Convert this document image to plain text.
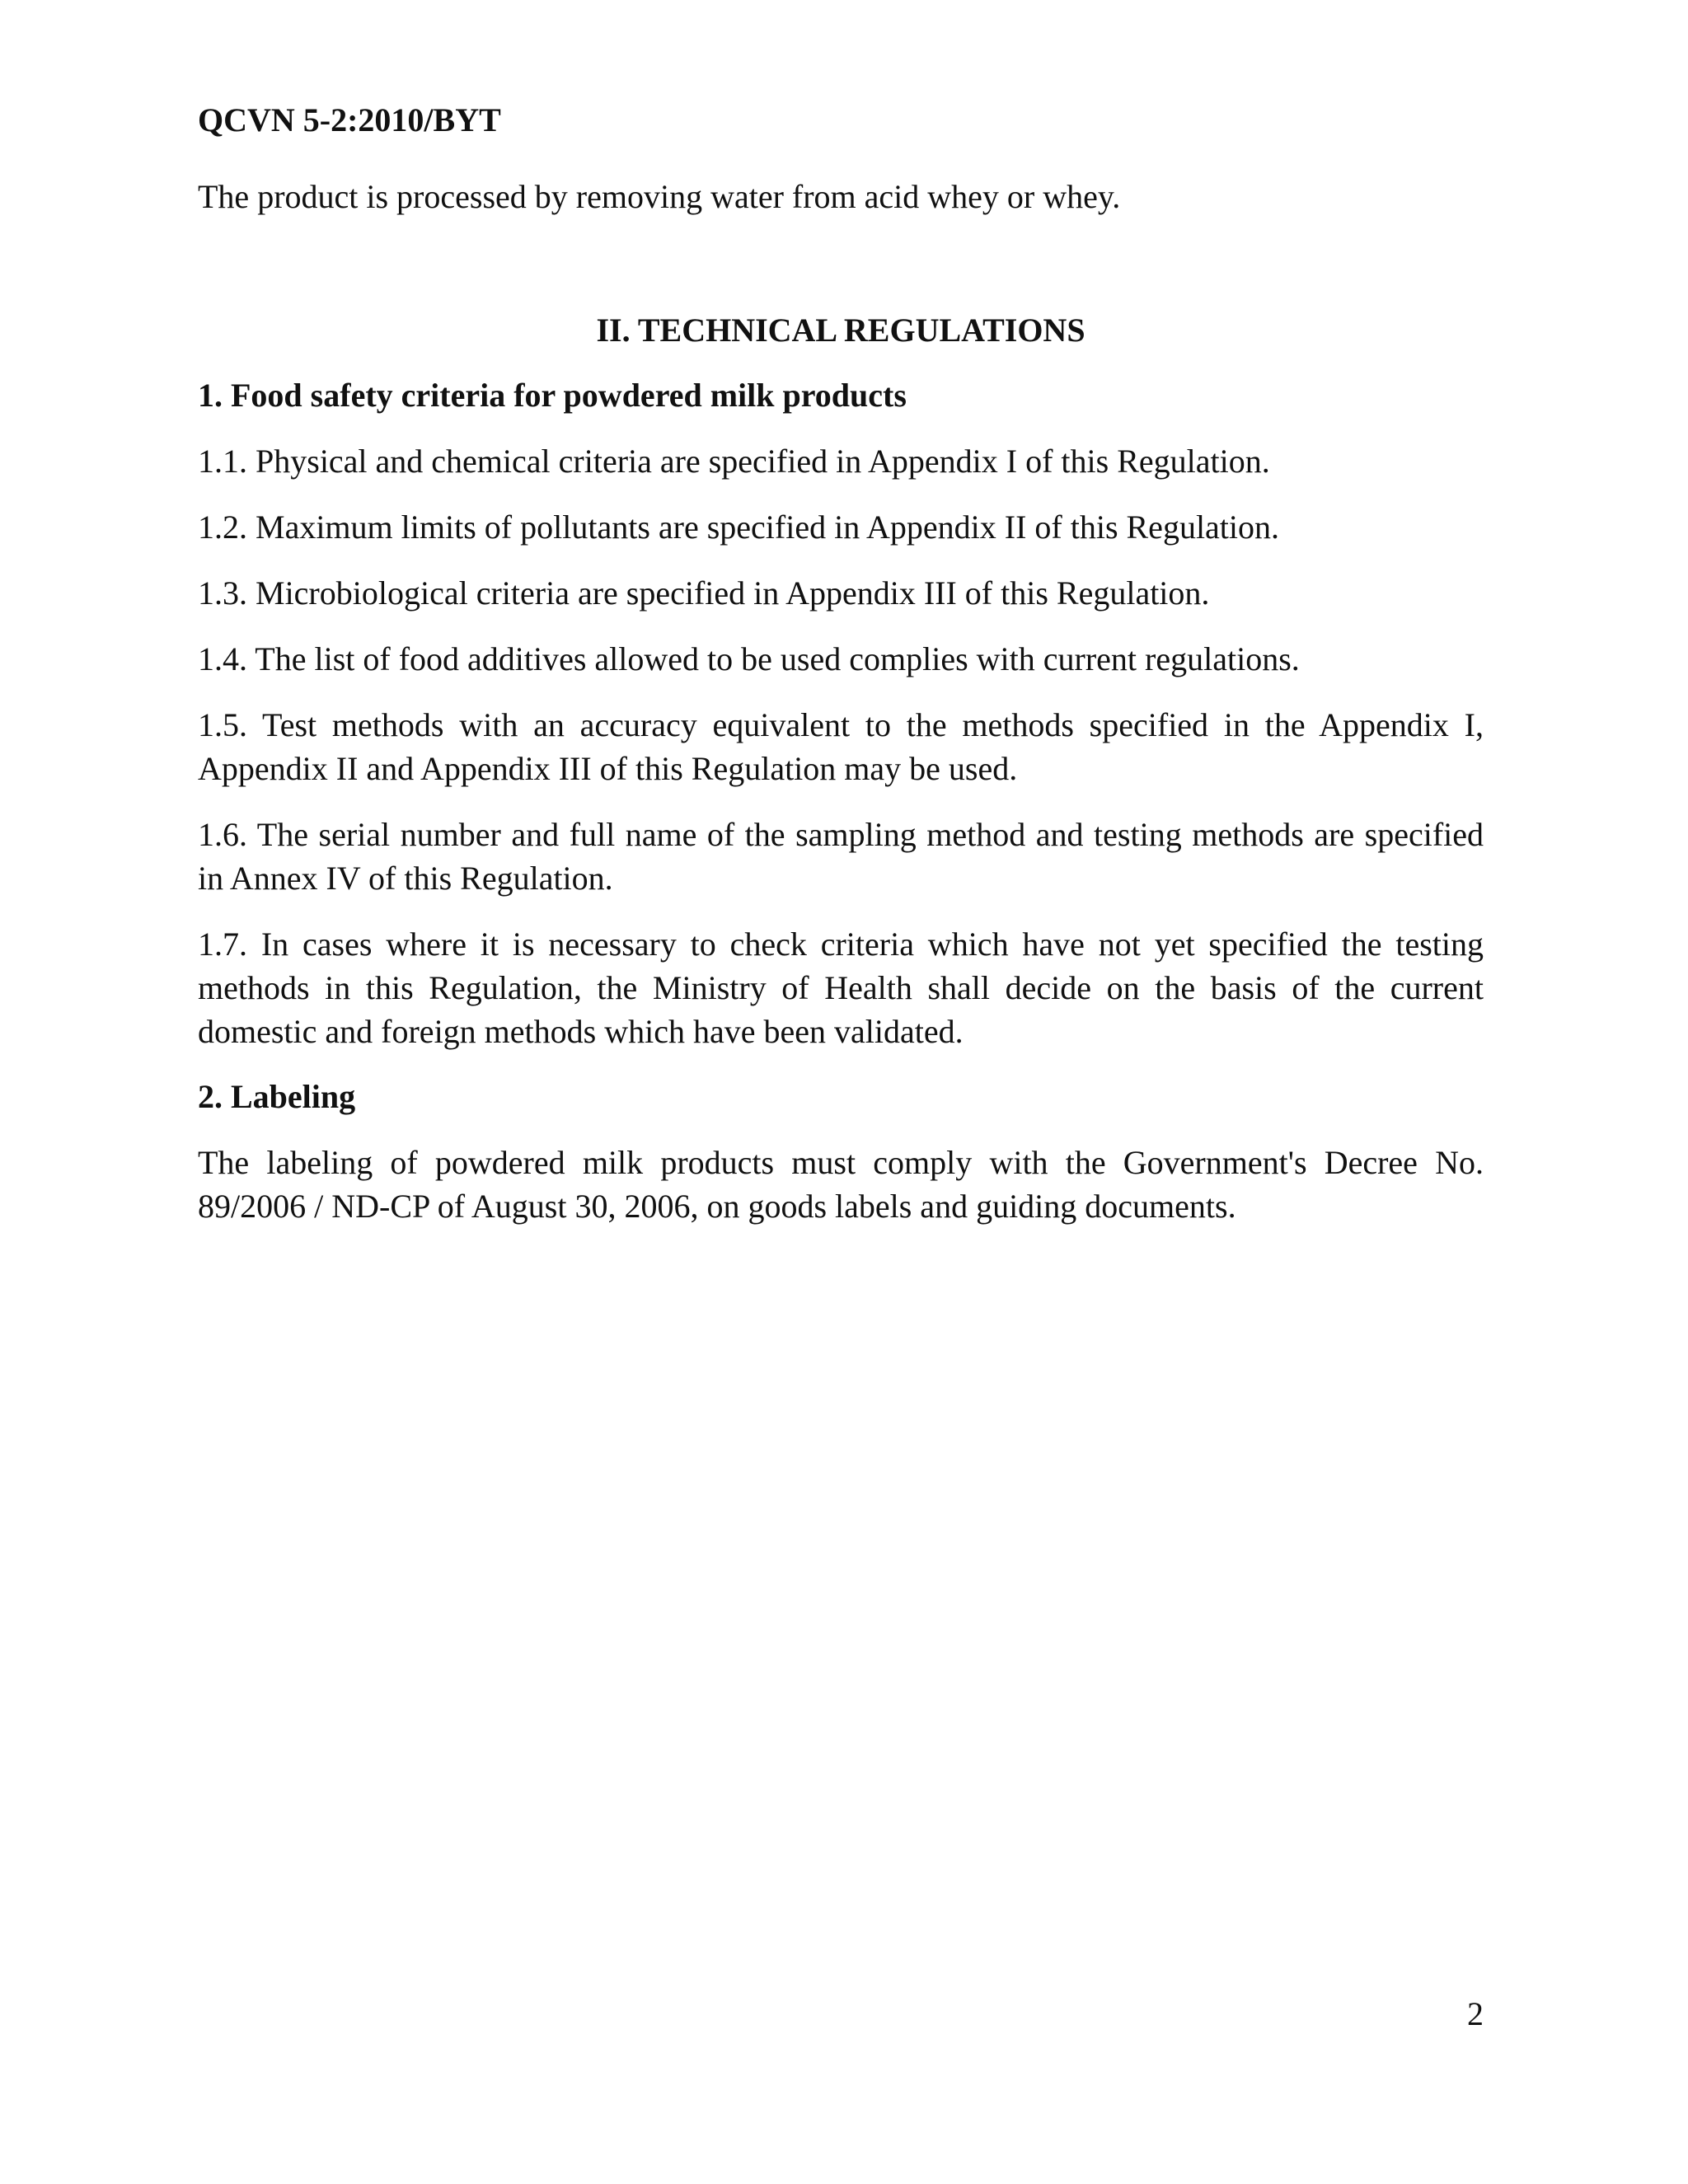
QCVN 5-2:2010/BYT

The product is processed by removing water from acid whey or whey.

II. TECHNICAL REGULATIONS

1. Food safety criteria for powdered milk products

1.1. Physical and chemical criteria are specified in Appendix I of this Regulation.

1.2. Maximum limits of pollutants are specified in Appendix II of this Regulation.

1.3. Microbiological criteria are specified in Appendix III of this Regulation.

1.4. The list of food additives allowed to be used complies with current regulations.

1.5. Test methods with an accuracy equivalent to the methods specified in the Appendix I, Appendix II and Appendix III of this Regulation may be used.

1.6. The serial number and full name of the sampling method and testing methods are specified in Annex IV of this Regulation.

1.7. In cases where it is necessary to check criteria which have not yet specified the testing methods in this Regulation, the Ministry of Health shall decide on the basis of the current domestic and foreign methods which have been validated.

2. Labeling

The labeling of powdered milk products must comply with the Government's Decree No. 89/2006 / ND-CP of August 30, 2006, on goods labels and guiding documents.

2
